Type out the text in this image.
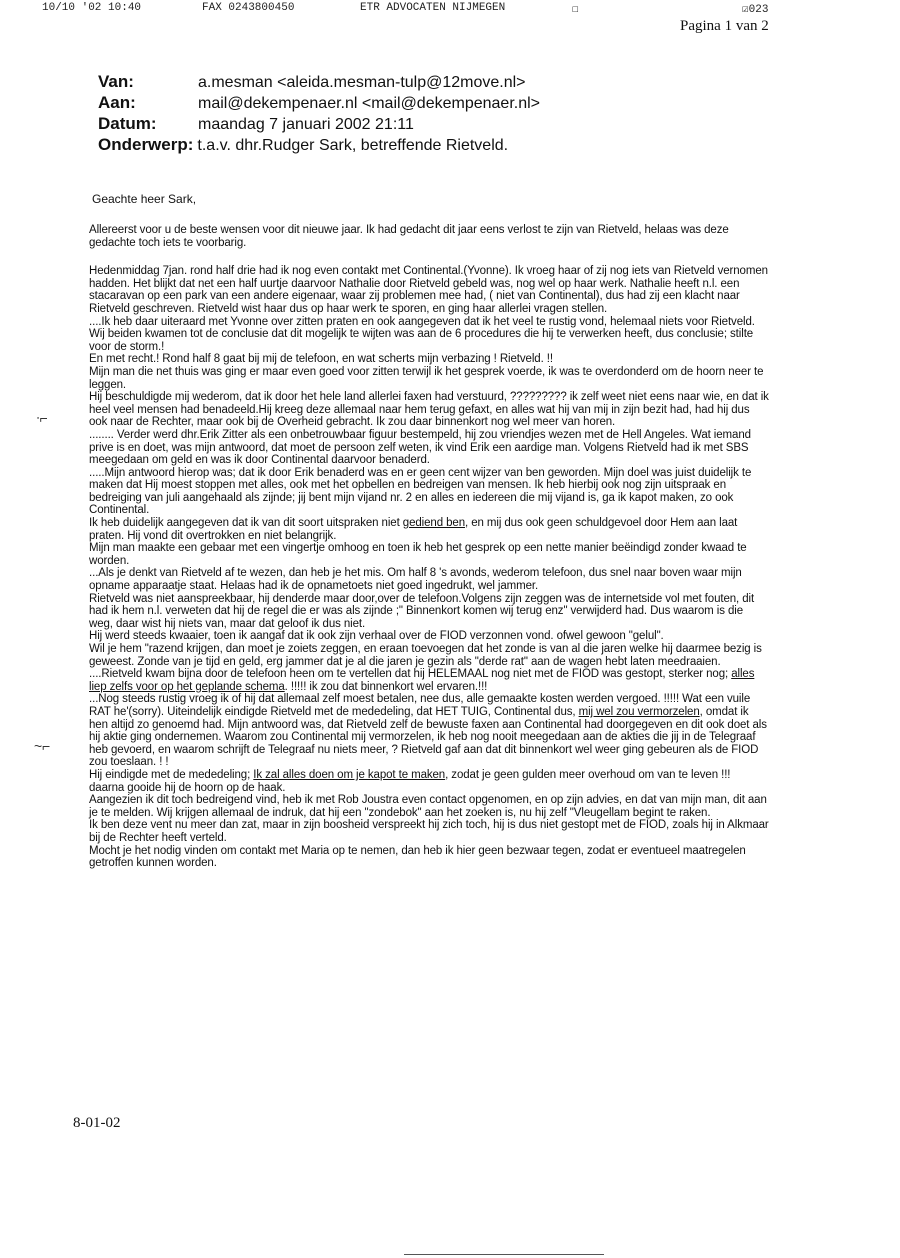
10/10 '02 10:40	FAX 0243800450	ETR ADVOCATEN NIJMEGEN	☐	☑023
Pagina 1 van 2
Van:	a.mesman <aleida.mesman-tulp@12move.nl>
Aan:	mail@dekempenaer.nl <mail@dekempenaer.nl>
Datum:	maandag 7 januari 2002 21:11
Onderwerp: t.a.v. dhr.Rudger Sark, betreffende Rietveld.
Geachte heer Sark,

Allereerst voor u de beste wensen voor dit nieuwe jaar. Ik had gedacht dit jaar eens verlost te zijn van Rietveld, helaas was deze gedachte toch iets te voorbarig.

Hedenmiddag 7jan. rond half drie had ik nog even contakt met Continental.(Yvonne). Ik vroeg haar of zij nog iets van Rietveld vernomen hadden. Het blijkt dat net een half uurtje daarvoor Nathalie door Rietveld gebeld was, nog wel op haar werk. Nathalie heeft n.l. een stacaravan op een park van een andere eigenaar, waar zij problemen mee had, ( niet van Continental), dus had zij een klacht naar Rietveld geschreven. Rietveld wist haar dus op haar werk te sporen, en ging haar allerlei vragen stellen.

....Ik heb daar uiteraard met Yvonne over zitten praten en ook aangegeven dat ik het veel te rustig vond, helemaal niets voor Rietveld. Wij beiden kwamen tot de conclusie dat dit mogelijk te wijten was aan de 6 procedures die hij te verwerken heeft, dus conclusie; stilte voor de storm.!

En met recht.! Rond half 8 gaat bij mij de telefoon, en wat scherts mijn verbazing ! Rietveld. !!

Mijn man die net thuis was ging er maar even goed voor zitten terwijl ik het gesprek voerde, ik was te overdonderd om de hoorn neer te leggen.

Hij beschuldigde mij wederom, dat ik door het hele land allerlei faxen had verstuurd, ????????? ik zelf weet niet eens naar wie, en dat ik heel veel mensen had benadeeld.Hij kreeg deze allemaal naar hem terug gefaxt, en alles wat hij van mij in zijn bezit had, had hij dus ook naar de Rechter, maar ook bij de Overheid gebracht. Ik zou daar binnenkort nog wel meer van horen.

........ Verder werd dhr.Erik Zitter als een onbetrouwbaar figuur bestempeld, hij zou vriendjes wezen met de Hell Angeles. Wat iemand prive is en doet, was mijn antwoord, dat moet de persoon zelf weten, ik vind Erik een aardige man. Volgens Rietveld had ik met SBS meegedaan om geld en was ik door Continental daarvoor benaderd.

.....Mijn antwoord hierop was; dat ik door Erik benaderd was en er geen cent wijzer van ben geworden. Mijn doel was juist duidelijk te maken dat Hij moest stoppen met alles, ook met het opbellen en bedreigen van mensen. Ik heb hierbij ook nog zijn uitspraak en bedreiging van juli aangehaald als zijnde; jij bent mijn vijand nr. 2 en alles en iedereen die mij vijand is, ga ik kapot maken, zo ook Continental.

Ik heb duidelijk aangegeven dat ik van dit soort uitspraken niet gediend ben, en mij dus ook geen schuldgevoel door Hem aan laat praten. Hij vond dit overtrokken en niet belangrijk.

Mijn man maakte een gebaar met een vingertje omhoog en toen ik heb het gesprek op een nette manier beëindigd zonder kwaad te worden.

...Als je denkt van Rietveld af te wezen, dan heb je het mis. Om half 8 's avonds, wederom telefoon, dus snel naar boven waar mijn opname apparaatje staat. Helaas had ik de opnametoets niet goed ingedrukt, wel jammer.

Rietveld was niet aanspreekbaar, hij denderde maar door,over de telefoon.Volgens zijn zeggen was de internetside vol met fouten, dit had ik hem n.l. verweten dat hij de regel die er was als zijnde ;" Binnenkort komen wij terug enz" verwijderd had. Dus waarom is die weg, daar wist hij niets van, maar dat geloof ik dus niet.

Hij werd steeds kwaaier, toen ik aangaf dat ik ook zijn verhaal over de FIOD verzonnen vond. ofwel gewoon "gelul".

Wil je hem "razend krijgen, dan moet je zoiets zeggen, en eraan toevoegen dat het zonde is van al die jaren welke hij daarmee bezig is geweest. Zonde van je tijd en geld, erg jammer dat je al die jaren je gezin als "derde rat" aan de wagen hebt laten meedraaien.

....Rietveld kwam bijna door de telefoon heen om te vertellen dat hij HELEMAAL nog niet met de FIOD was gestopt, sterker nog; alles liep zelfs voor op het geplande schema. !!!!! ik zou dat binnenkort wel ervaren.!!!

...Nog steeds rustig vroeg ik of hij dat allemaal zelf moest betalen, nee dus, alle gemaakte kosten werden vergoed. !!!!! Wat een vuile RAT he'(sorry). Uiteindelijk eindigde Rietveld met de mededeling, dat HET TUIG, Continental dus, mij wel zou vermorzelen, omdat ik hen altijd zo genoemd had. Mijn antwoord was, dat Rietveld zelf de bewuste faxen aan Continental had doorgegeven en dit ook doet als hij aktie ging ondernemen. Waarom zou Continental mij vermorzelen, ik heb nog nooit meegedaan aan de akties die jij in de Telegraaf heb gevoerd, en waarom schrijft de Telegraaf nu niets meer, ? Rietveld gaf aan dat dit binnenkort wel weer ging gebeuren als de FIOD zou toeslaan. ! !

Hij eindigde met de mededeling; Ik zal alles doen om je kapot te maken, zodat je geen gulden meer overhoud om van te leven !!!

daarna gooide hij de hoorn op de haak.

Aangezien ik dit toch bedreigend vind, heb ik met Rob Joustra even contact opgenomen, en op zijn advies, en dat van mijn man, dit aan je te melden. Wij krijgen allemaal de indruk, dat hij een "zondebok" aan het zoeken is, nu hij zelf "Vleugellam begint te raken.

Ik ben deze vent nu meer dan zat, maar in zijn boosheid verspreekt hij zich toch, hij is dus niet gestopt met de FIOD, zoals hij in Alkmaar bij de Rechter heeft verteld.

Mocht je het nodig vinden om contakt met Maria op te nemen, dan heb ik hier geen bezwaar tegen, zodat er eventueel maatregelen getroffen kunnen worden.

ᐧ⌐
~⌐
8-01-02
